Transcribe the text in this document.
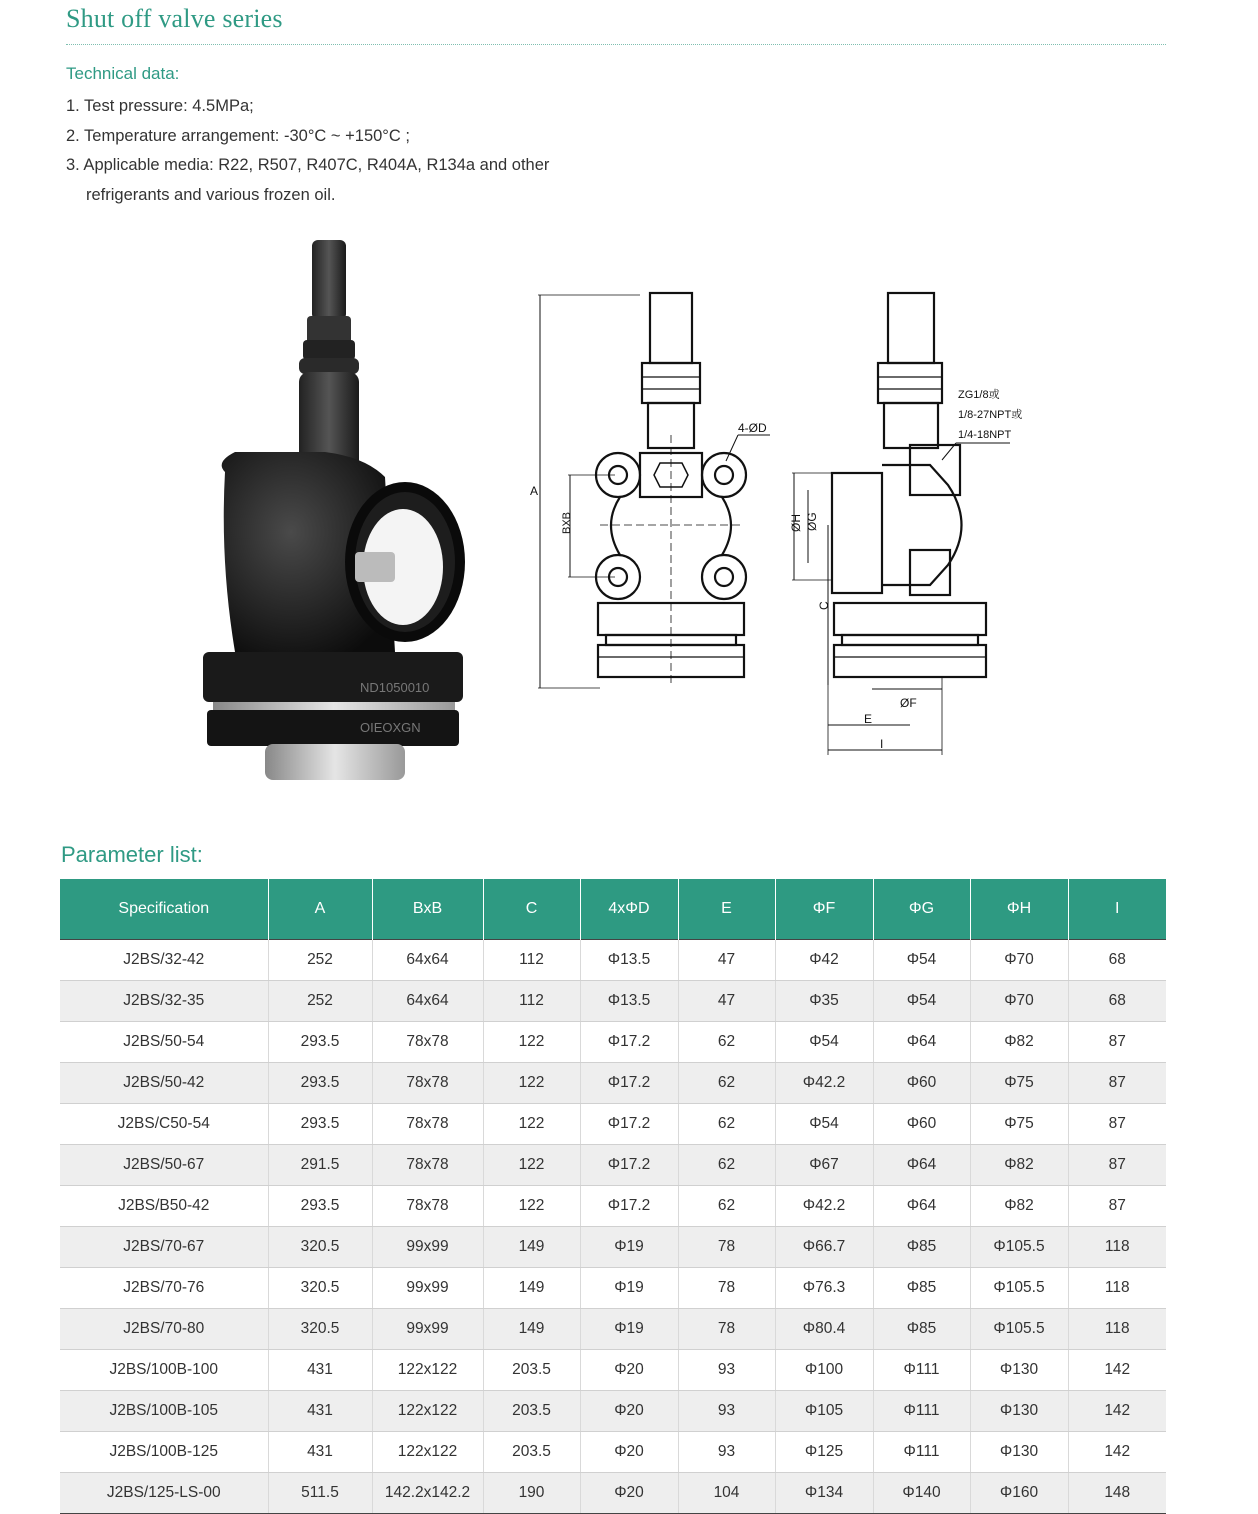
Shut off valve series
Technical data:
1. Test pressure: 4.5MPa;
2. Temperature arrangement: -30°C ~ +150°C ;
3. Applicable media: R22, R507, R407C, R404A, R134a and other
refrigerants and various frozen oil.
ND1050010
OIEOXGN
A
BXB
4-ØD
ZG1/8或
1/8-27NPT或
1/4-18NPT
ØH ØG
C
ØF
E
I
Parameter list:
Specification	A	BxB	C	4xΦD	E	ΦF	ΦG	ΦH	I
J2BS/32-42	252	64x64	112	Φ13.5	47	Φ42	Φ54	Φ70	68
J2BS/32-35	252	64x64	112	Φ13.5	47	Φ35	Φ54	Φ70	68
J2BS/50-54	293.5	78x78	122	Φ17.2	62	Φ54	Φ64	Φ82	87
J2BS/50-42	293.5	78x78	122	Φ17.2	62	Φ42.2	Φ60	Φ75	87
J2BS/C50-54	293.5	78x78	122	Φ17.2	62	Φ54	Φ60	Φ75	87
J2BS/50-67	291.5	78x78	122	Φ17.2	62	Φ67	Φ64	Φ82	87
J2BS/B50-42	293.5	78x78	122	Φ17.2	62	Φ42.2	Φ64	Φ82	87
J2BS/70-67	320.5	99x99	149	Φ19	78	Φ66.7	Φ85	Φ105.5	118
J2BS/70-76	320.5	99x99	149	Φ19	78	Φ76.3	Φ85	Φ105.5	118
J2BS/70-80	320.5	99x99	149	Φ19	78	Φ80.4	Φ85	Φ105.5	118
J2BS/100B-100	431	122x122	203.5	Φ20	93	Φ100	Φ111	Φ130	142
J2BS/100B-105	431	122x122	203.5	Φ20	93	Φ105	Φ111	Φ130	142
J2BS/100B-125	431	122x122	203.5	Φ20	93	Φ125	Φ111	Φ130	142
J2BS/125-LS-00	511.5	142.2x142.2	190	Φ20	104	Φ134	Φ140	Φ160	148
